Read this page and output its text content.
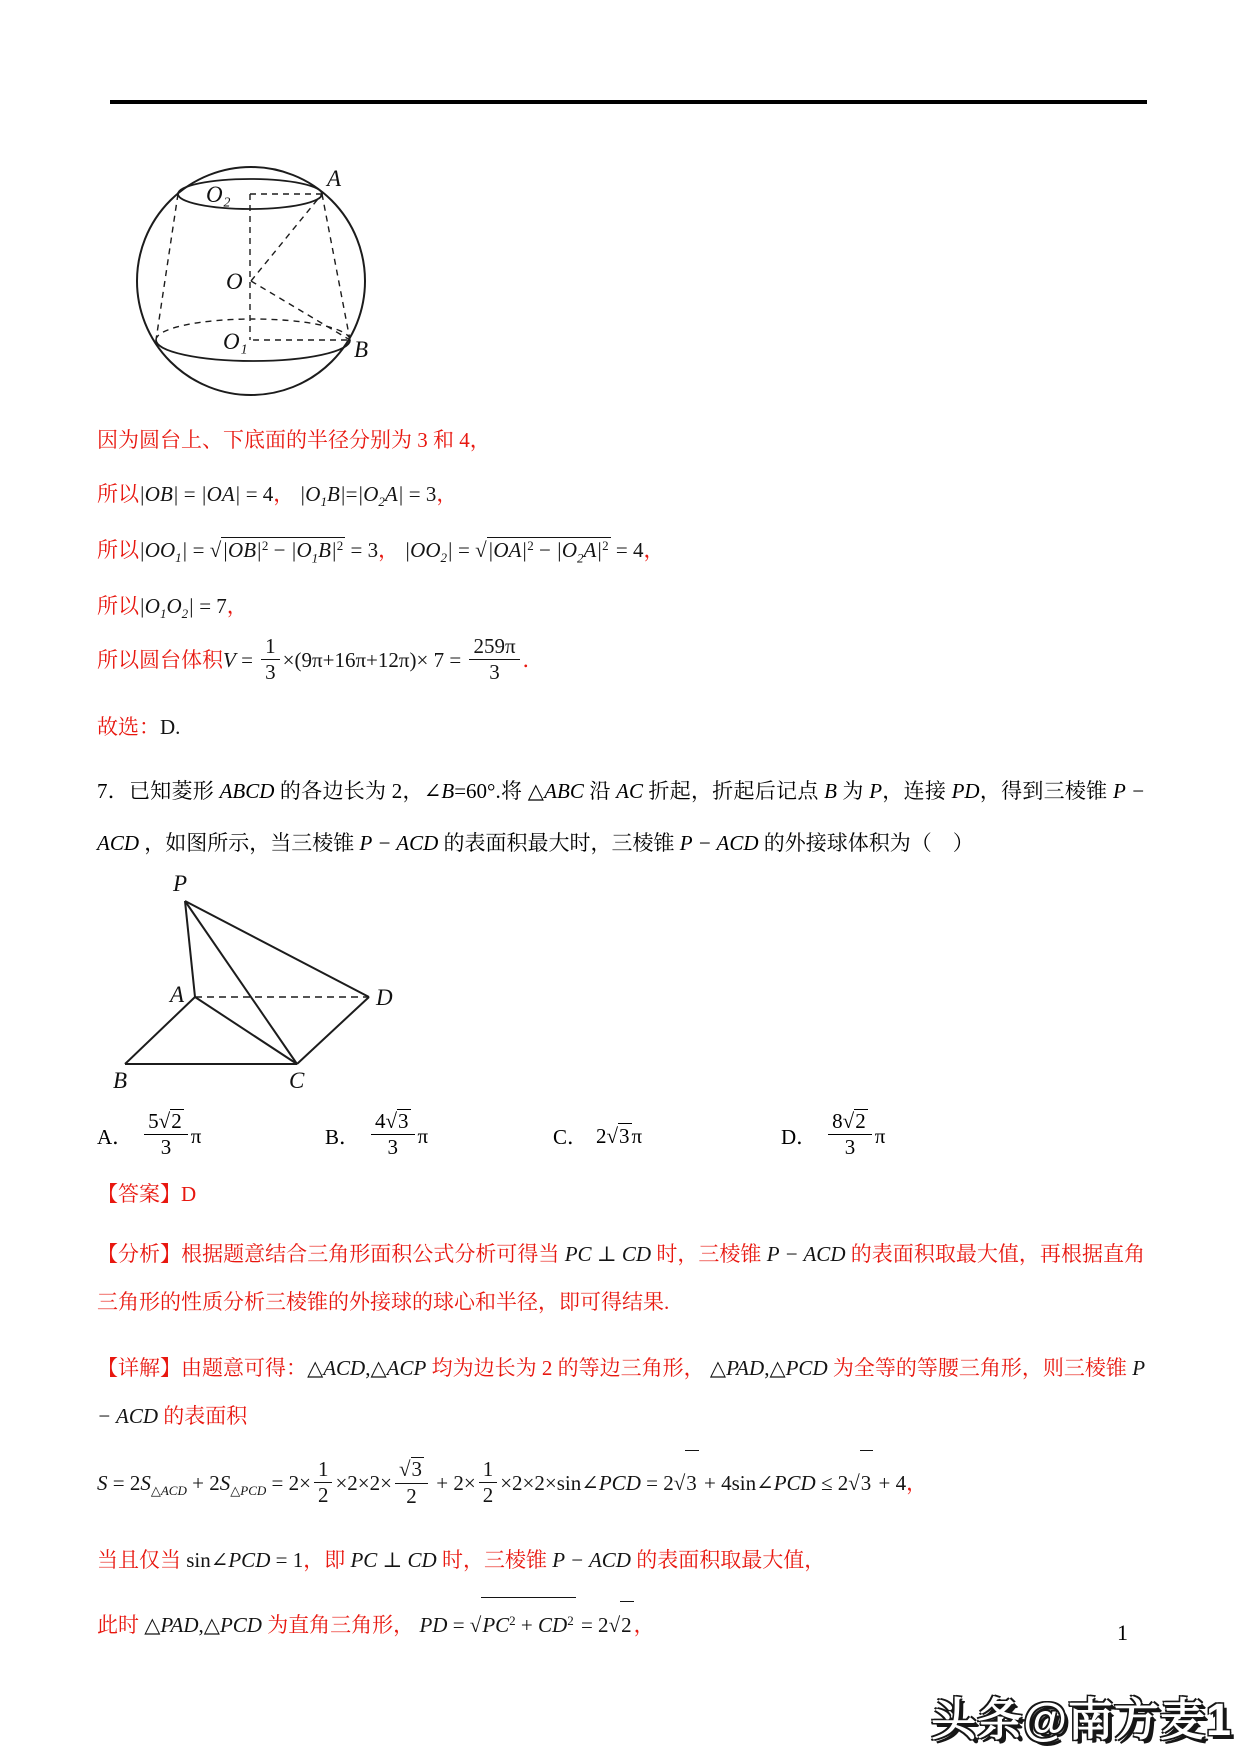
O₂
A
O
O₁	B
因为圆台上、下底面的半径分别为 3 和 4，
所以|OB| = |OA| = 4， $|O_1B|=|O_2A| = 3$，
所以$|OO_1| = √|OB|^2 - |O_1B|^2 = 3$， $|OO_2| = √|OA|^2 - |O_2A|^2 = 4$，
所以$|O_1O_2| = 7$，
所以圆台体积$V = \frac{1}{3} \times(9\pi+16\pi+12\pi)\times 7 = \frac{259\pi}{3}$ ．
故选：D.
7．已知菱形 ABCD 的各边长为 2，∠B=60°.将 △ABC 沿 AC 折起，折起后记点 B 为 P，连接 PD，得到三棱锥 P − ACD ，如图所示，当三棱锥 P − ACD 的表面积最大时，三棱锥 P − ACD 的外接球体积为（　）
P
A	D
B	C
A． $\frac{5√2}{3}$ π	B． $\frac{4√3}{3}$ π	C． 2 √3 π	D． $\frac{8√2}{3}$ π
【答案】D
【分析】根据题意结合三角形面积公式分析可得当 PC ⊥ CD 时，三棱锥 P − ACD 的表面积取最大值，再根据直角三角形的性质分析三棱锥的外接球的球心和半径，即可得结果.
【详解】由题意可得：△ACD,△ACP 均为边长为 2 的等边三角形， △PAD,△PCD 为全等的等腰三角形，则三棱锥 P − ACD 的表面积
$S = 2S_{\triangle ACD} + 2S_{\triangle PCD} = 2\times \frac{1}{2} \times 2\times 2\times \frac{√3}{2} + 2\times \frac{1}{2}$ ×2×2×sin∠PCD = 2√3 + 4sin∠PCD ≤ 2√3 + 4，
当且仅当 sin∠PCD = 1，即 PC ⊥ CD 时，三棱锥 P − ACD 的表面积取最大值，
此时 △PAD,△PCD 为直角三角形， PD = $√PC^2 + CD^2 = 2√2$，	1
头条@南方麦1
